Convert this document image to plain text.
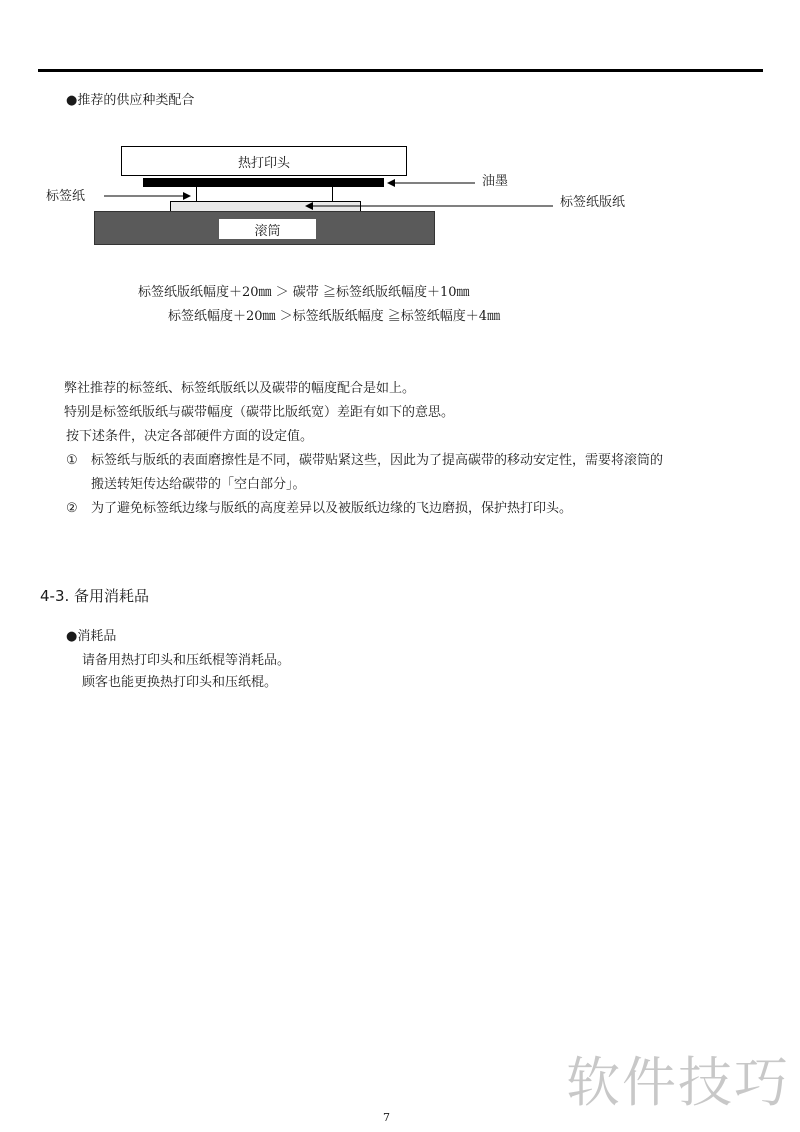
●推荐的供应种类配合
热打印头
滚筒
油墨
标签纸	标签纸版纸
标签纸版纸幅度＋20㎜ ＞ 碳带 ≧标签纸版纸幅度＋10㎜
标签纸幅度＋20㎜ ＞标签纸版纸幅度 ≧标签纸幅度＋4㎜
弊社推荐的标签纸、标签纸版纸以及碳带的幅度配合是如上。
特别是标签纸版纸与碳带幅度（碳带比版纸宽）差距有如下的意思。
按下述条件，决定各部硬件方面的设定值。
① 标签纸与版纸的表面磨擦性是不同，碳带贴紧这些，因此为了提高碳带的移动安定性，需要将滚筒的
搬送转矩传达给碳带的「空白部分」。
② 为了避免标签纸边缘与版纸的高度差异以及被版纸边缘的飞边磨损，保护热打印头。
4-3. 备用消耗品
●消耗品
请备用热打印头和压纸棍等消耗品。
顾客也能更换热打印头和压纸棍。
7
软件技巧
